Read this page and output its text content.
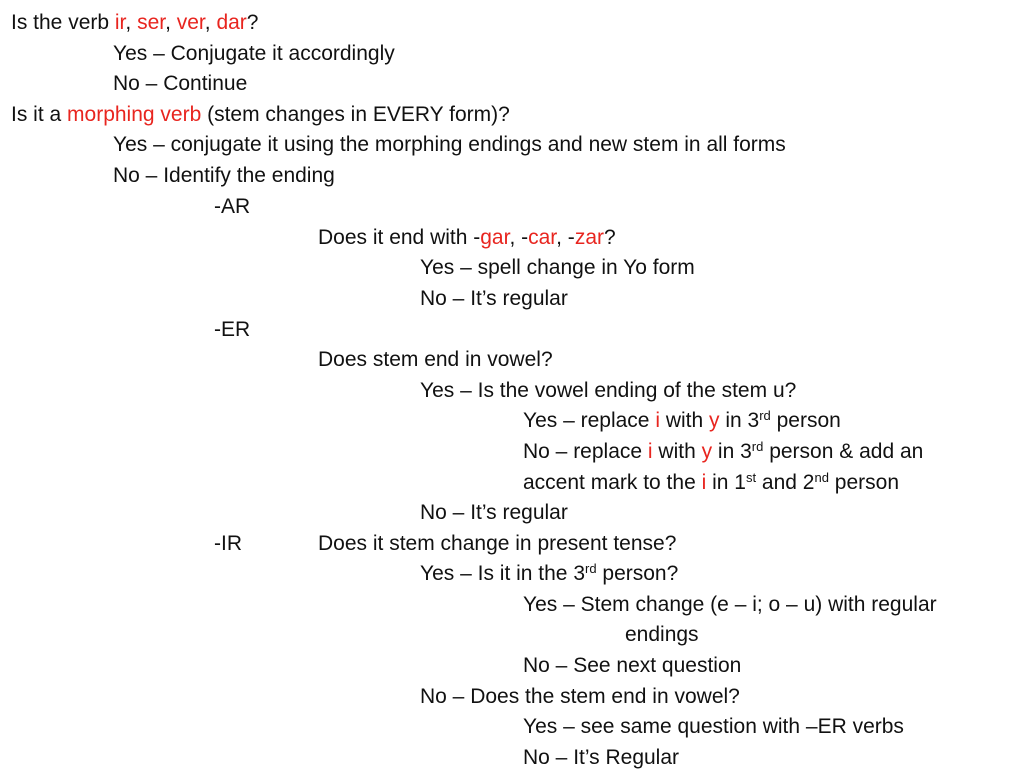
Is the verb ir, ser, ver, dar?
Yes – Conjugate it accordingly
No – Continue
Is it a morphing verb (stem changes in EVERY form)?
Yes – conjugate it using the morphing endings and new stem in all forms
No – Identify the ending
-AR
Does it end with -gar, -car, -zar?
Yes – spell change in Yo form
No – It’s regular
-ER
Does stem end in vowel?
Yes – Is the vowel ending of the stem u?
Yes – replace i with y in 3rd person
No – replace i with y in 3rd person & add an
accent mark to the i in 1st and 2nd person
No – It’s regular
-IR	Does it stem change in present tense?
Yes – Is it in the 3rd person?
Yes – Stem change (e – i; o – u) with regular
endings
No – See next question
No – Does the stem end in vowel?
Yes – see same question with –ER verbs
No – It’s Regular
